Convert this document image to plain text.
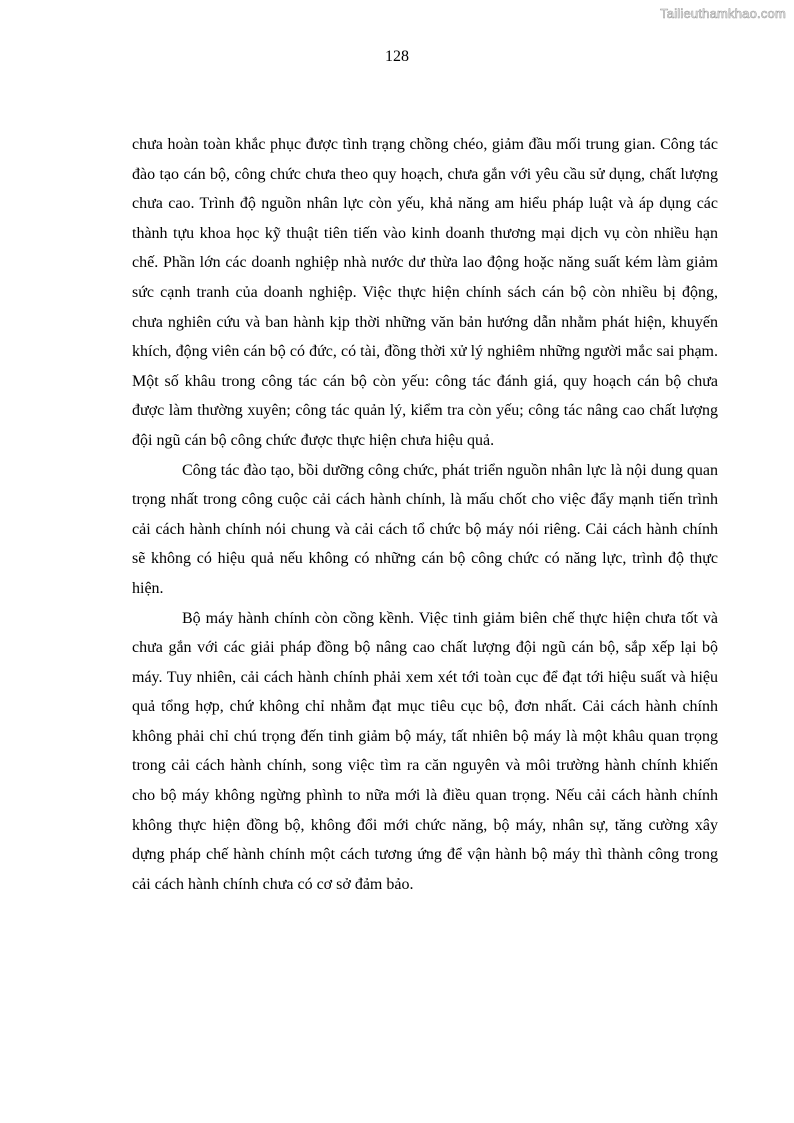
Tailieuthamkhao.com
128

chưa hoàn toàn khắc phục được tình trạng chồng chéo, giảm đầu mối trung gian. Công tác đào tạo cán bộ, công chức chưa theo quy hoạch, chưa gắn với yêu cầu sử dụng, chất lượng chưa cao. Trình độ nguồn nhân lực còn yếu, khả năng am hiểu pháp luật và áp dụng các thành tựu khoa học kỹ thuật tiên tiến vào kinh doanh thương mại dịch vụ còn nhiều hạn chế. Phần lớn các doanh nghiệp nhà nước dư thừa lao động hoặc năng suất kém làm giảm sức cạnh tranh của doanh nghiệp. Việc thực hiện chính sách cán bộ còn nhiều bị động, chưa nghiên cứu và ban hành kịp thời những văn bản hướng dẫn nhằm phát hiện, khuyến khích, động viên cán bộ có đức, có tài, đồng thời xử lý nghiêm những người mắc sai phạm. Một số khâu trong công tác cán bộ còn yếu: công tác đánh giá, quy hoạch cán bộ chưa được làm thường xuyên; công tác quản lý, kiểm tra còn yếu; công tác nâng cao chất lượng đội ngũ cán bộ công chức được thực hiện chưa hiệu quả.

Công tác đào tạo, bồi dưỡng công chức, phát triển nguồn nhân lực là nội dung quan trọng nhất trong công cuộc cải cách hành chính, là mấu chốt cho việc đẩy mạnh tiến trình cải cách hành chính nói chung và cải cách tổ chức bộ máy nói riêng. Cải cách hành chính sẽ không có hiệu quả nếu không có những cán bộ công chức có năng lực, trình độ thực hiện.

Bộ máy hành chính còn cồng kềnh. Việc tinh giảm biên chế thực hiện chưa tốt và chưa gắn với các giải pháp đồng bộ nâng cao chất lượng đội ngũ cán bộ, sắp xếp lại bộ máy. Tuy nhiên, cải cách hành chính phải xem xét tới toàn cục để đạt tới hiệu suất và hiệu quả tổng hợp, chứ không chỉ nhằm đạt mục tiêu cục bộ, đơn nhất. Cải cách hành chính không phải chỉ chú trọng đến tinh giảm bộ máy, tất nhiên bộ máy là một khâu quan trọng trong cải cách hành chính, song việc tìm ra căn nguyên và môi trường hành chính khiến cho bộ máy không ngừng phình to nữa mới là điều quan trọng. Nếu cải cách hành chính không thực hiện đồng bộ, không đổi mới chức năng, bộ máy, nhân sự, tăng cường xây dựng pháp chế hành chính một cách tương ứng để vận hành bộ máy thì thành công trong cải cách hành chính chưa có cơ sở đảm bảo.
